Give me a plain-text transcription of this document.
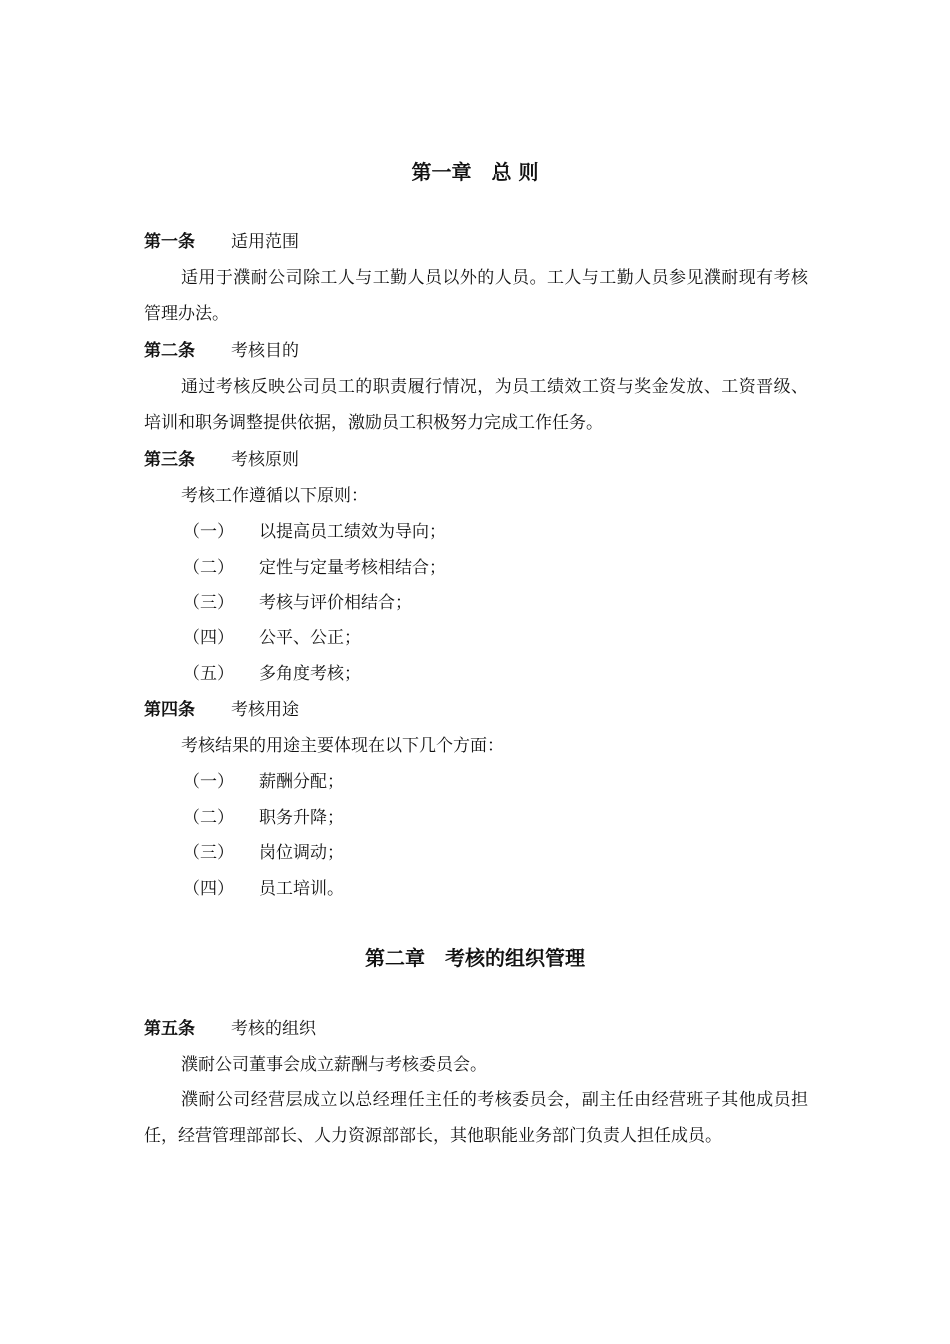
第一章　总 则
第一条 适用范围
适用于濮耐公司除工人与工勤人员以外的人员。工人与工勤人员参见濮耐现有考核管理办法。
第二条 考核目的
通过考核反映公司员工的职责履行情况，为员工绩效工资与奖金发放、工资晋级、培训和职务调整提供依据，激励员工积极努力完成工作任务。
第三条 考核原则
考核工作遵循以下原则：
（一） 以提高员工绩效为导向；
（二） 定性与定量考核相结合；
（三） 考核与评价相结合；
（四） 公平、公正；
（五） 多角度考核；
第四条 考核用途
考核结果的用途主要体现在以下几个方面：
（一） 薪酬分配；
（二） 职务升降；
（三） 岗位调动；
（四） 员工培训。
第二章　考核的组织管理
第五条 考核的组织
濮耐公司董事会成立薪酬与考核委员会。
濮耐公司经营层成立以总经理任主任的考核委员会，副主任由经营班子其他成员担任，经营管理部部长、人力资源部部长，其他职能业务部门负责人担任成员。
